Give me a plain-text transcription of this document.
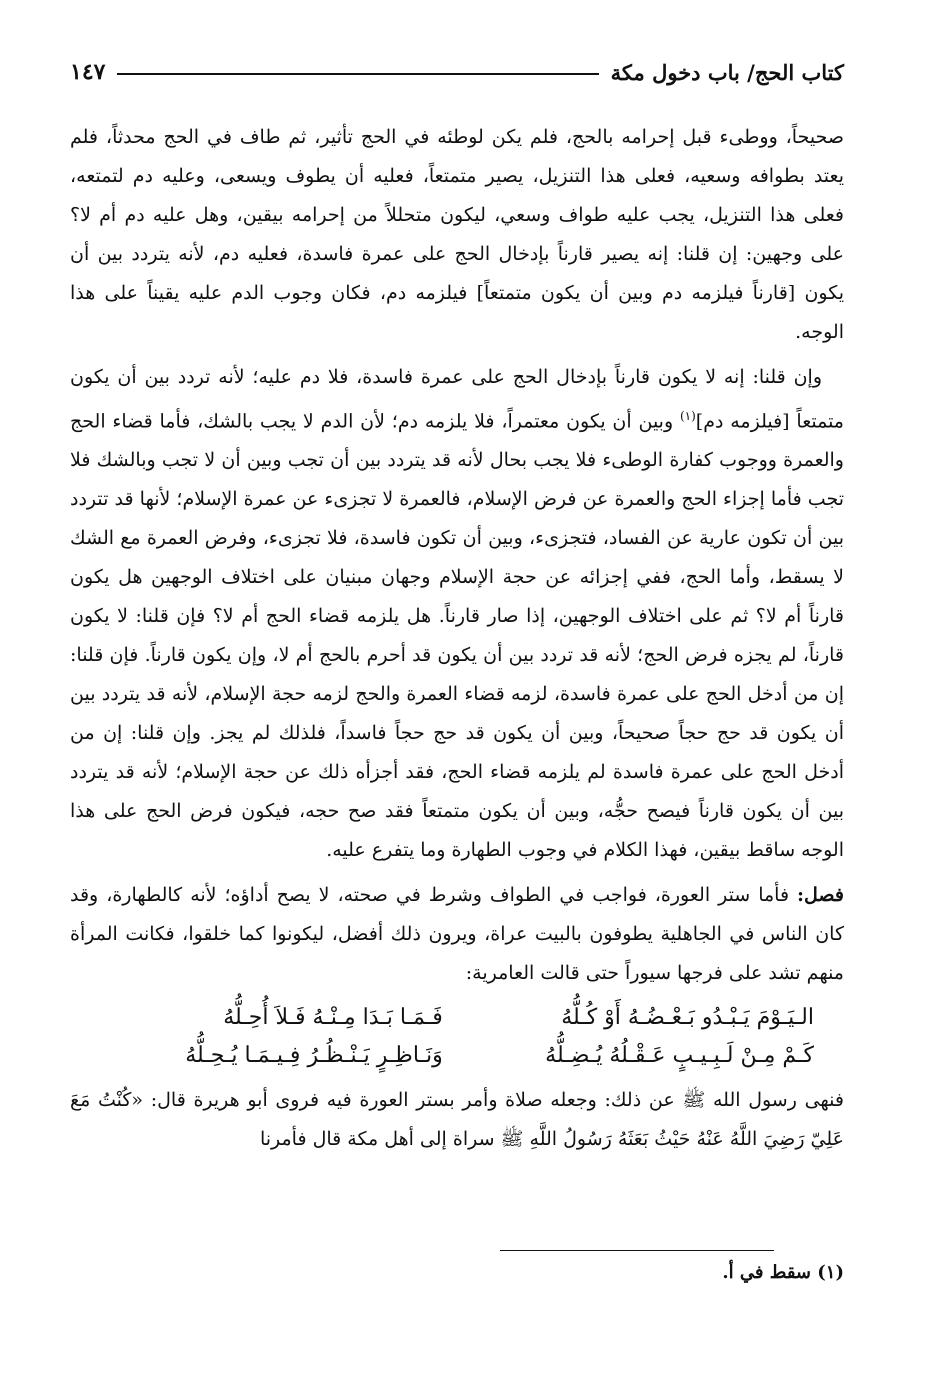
كتاب الحج/ باب دخول مكة
١٤٧

صحيحاً، ووطىء قبل إحرامه بالحج، فلم يكن لوطئه في الحج تأثير، ثم طاف في الحج محدثاً، فلم يعتد بطوافه وسعيه، فعلى هذا التنزيل، يصير متمتعاً، فعليه أن يطوف ويسعى، وعليه دم لتمتعه، فعلى هذا التنزيل، يجب عليه طواف وسعي، ليكون متحللاً من إحرامه بيقين، وهل عليه دم أم لا؟ على وجهين: إن قلنا: إنه يصير قارناً بإدخال الحج على عمرة فاسدة، فعليه دم، لأنه يتردد بين أن يكون [قارناً فيلزمه دم وبين أن يكون متمتعاً] فيلزمه دم، فكان وجوب الدم عليه يقيناً على هذا الوجه.

وإن قلنا: إنه لا يكون قارناً بإدخال الحج على عمرة فاسدة، فلا دم عليه؛ لأنه تردد بين أن يكون متمتعاً [فيلزمه دم]$^{(١)}$ وبين أن يكون معتمراً، فلا يلزمه دم؛ لأن الدم لا يجب بالشك، فأما قضاء الحج والعمرة ووجوب كفارة الوطىء فلا يجب بحال لأنه قد يتردد بين أن تجب وبين أن لا تجب وبالشك فلا تجب فأما إجزاء الحج والعمرة عن فرض الإسلام، فالعمرة لا تجزىء عن عمرة الإسلام؛ لأنها قد تتردد بين أن تكون عارية عن الفساد، فتجزىء، وبين أن تكون فاسدة، فلا تجزىء، وفرض العمرة مع الشك لا يسقط، وأما الحج، ففي إجزائه عن حجة الإسلام وجهان مبنيان على اختلاف الوجهين هل يكون قارناً أم لا؟ ثم على اختلاف الوجهين، إذا صار قارناً. هل يلزمه قضاء الحج أم لا؟ فإن قلنا: لا يكون قارناً، لم يجزه فرض الحج؛ لأنه قد تردد بين أن يكون قد أحرم بالحج أم لا، وإن يكون قارناً. فإن قلنا: إن من أدخل الحج على عمرة فاسدة، لزمه قضاء العمرة والحج لزمه حجة الإسلام، لأنه قد يتردد بين أن يكون قد حج حجاً صحيحاً، وبين أن يكون قد حج حجاً فاسداً، فلذلك لم يجز. وإن قلنا: إن من أدخل الحج على عمرة فاسدة لم يلزمه قضاء الحج، فقد أجزأه ذلك عن حجة الإسلام؛ لأنه قد يتردد بين أن يكون قارناً فيصح حجُّه، وبين أن يكون متمتعاً فقد صح حجه، فيكون فرض الحج على هذا الوجه ساقط بيقين، فهذا الكلام في وجوب الطهارة وما يتفرع عليه.

فصل: فأما ستر العورة، فواجب في الطواف وشرط في صحته، لا يصح أداؤه؛ لأنه كالطهارة، وقد كان الناس في الجاهلية يطوفون بالبيت عراة، ويرون ذلك أفضل، ليكونوا كما خلقوا، فكانت المرأة منهم تشد على فرجها سيوراً حتى قالت العامرية:

الـيَـوْمَ يَـبْـدُو بَـعْـضُـهُ أَوْ كُـلُّهُ
فَـمَـا بَـدَا مِـنْـهُ فَـلاَ أُحِـلُّهُ
كَـمْ مِـنْ لَـبِـيـبٍ عَـقْـلُهُ يُـضِـلُّهُ
وَنَـاظِـرٍ يَـنْـظُـرُ فِـيـمَـا يُـحِـلُّهُ

فنهى رسول الله ﷺ عن ذلك: وجعله صلاة وأمر بستر العورة فيه فروى أبو هريرة قال: «كُنْتُ مَعَ عَلِيّ رَضِيَ اللَّهُ عَنْهُ حَيْثُ بَعَثَهُ رَسُولُ اللَّهِ ﷺ سراة إلى أهل مكة قال فأمرنا

(١) سقط في أ.
